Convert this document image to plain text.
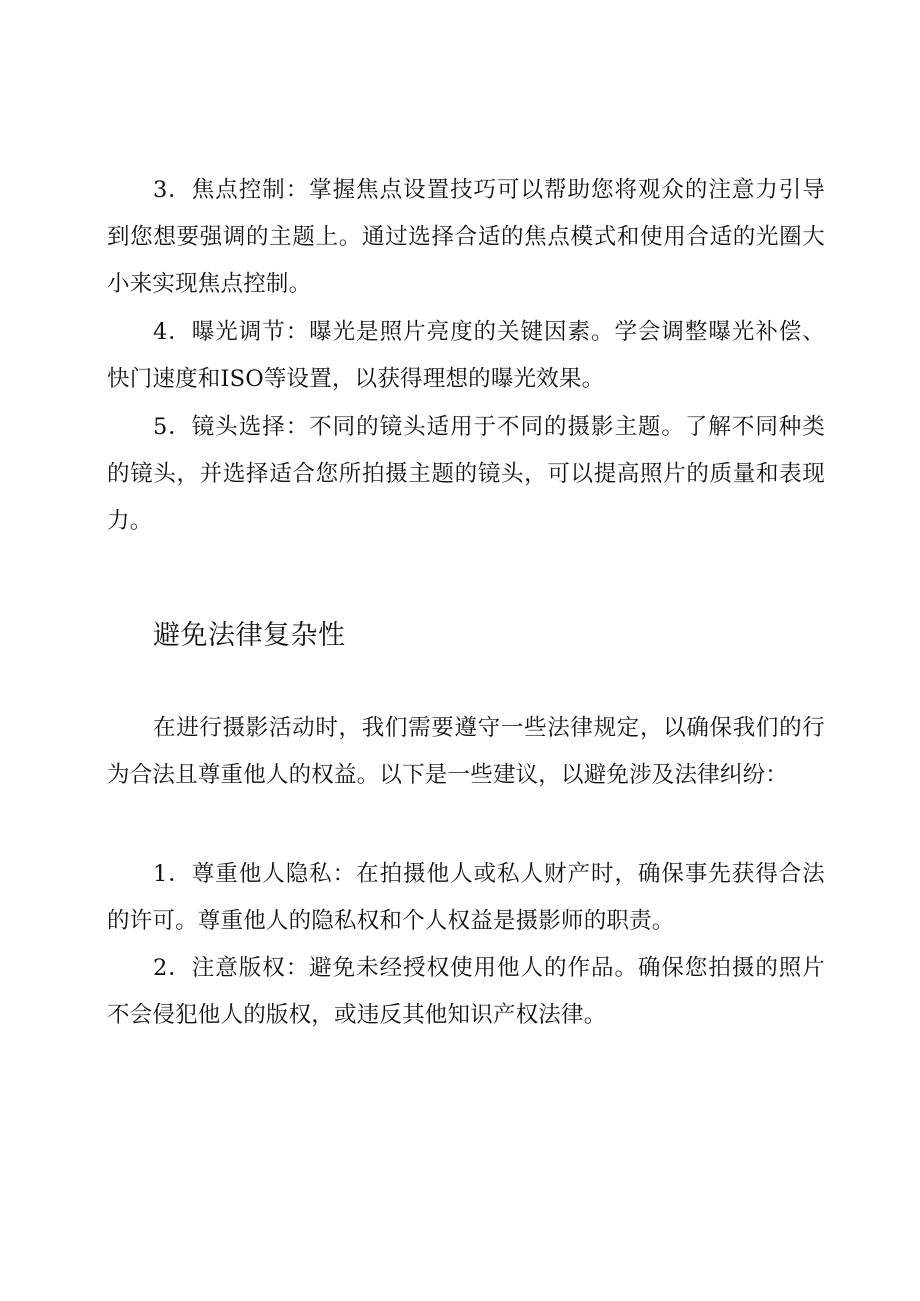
3．焦点控制：掌握焦点设置技巧可以帮助您将观众的注意力引导到您想要强调的主题上。通过选择合适的焦点模式和使用合适的光圈大小来实现焦点控制。

4．曝光调节：曝光是照片亮度的关键因素。学会调整曝光补偿、快门速度和ISO等设置，以获得理想的曝光效果。

5．镜头选择：不同的镜头适用于不同的摄影主题。了解不同种类的镜头，并选择适合您所拍摄主题的镜头，可以提高照片的质量和表现力。

避免法律复杂性

在进行摄影活动时，我们需要遵守一些法律规定，以确保我们的行为合法且尊重他人的权益。以下是一些建议，以避免涉及法律纠纷：

1．尊重他人隐私：在拍摄他人或私人财产时，确保事先获得合法的许可。尊重他人的隐私权和个人权益是摄影师的职责。

2．注意版权：避免未经授权使用他人的作品。确保您拍摄的照片不会侵犯他人的版权，或违反其他知识产权法律。
